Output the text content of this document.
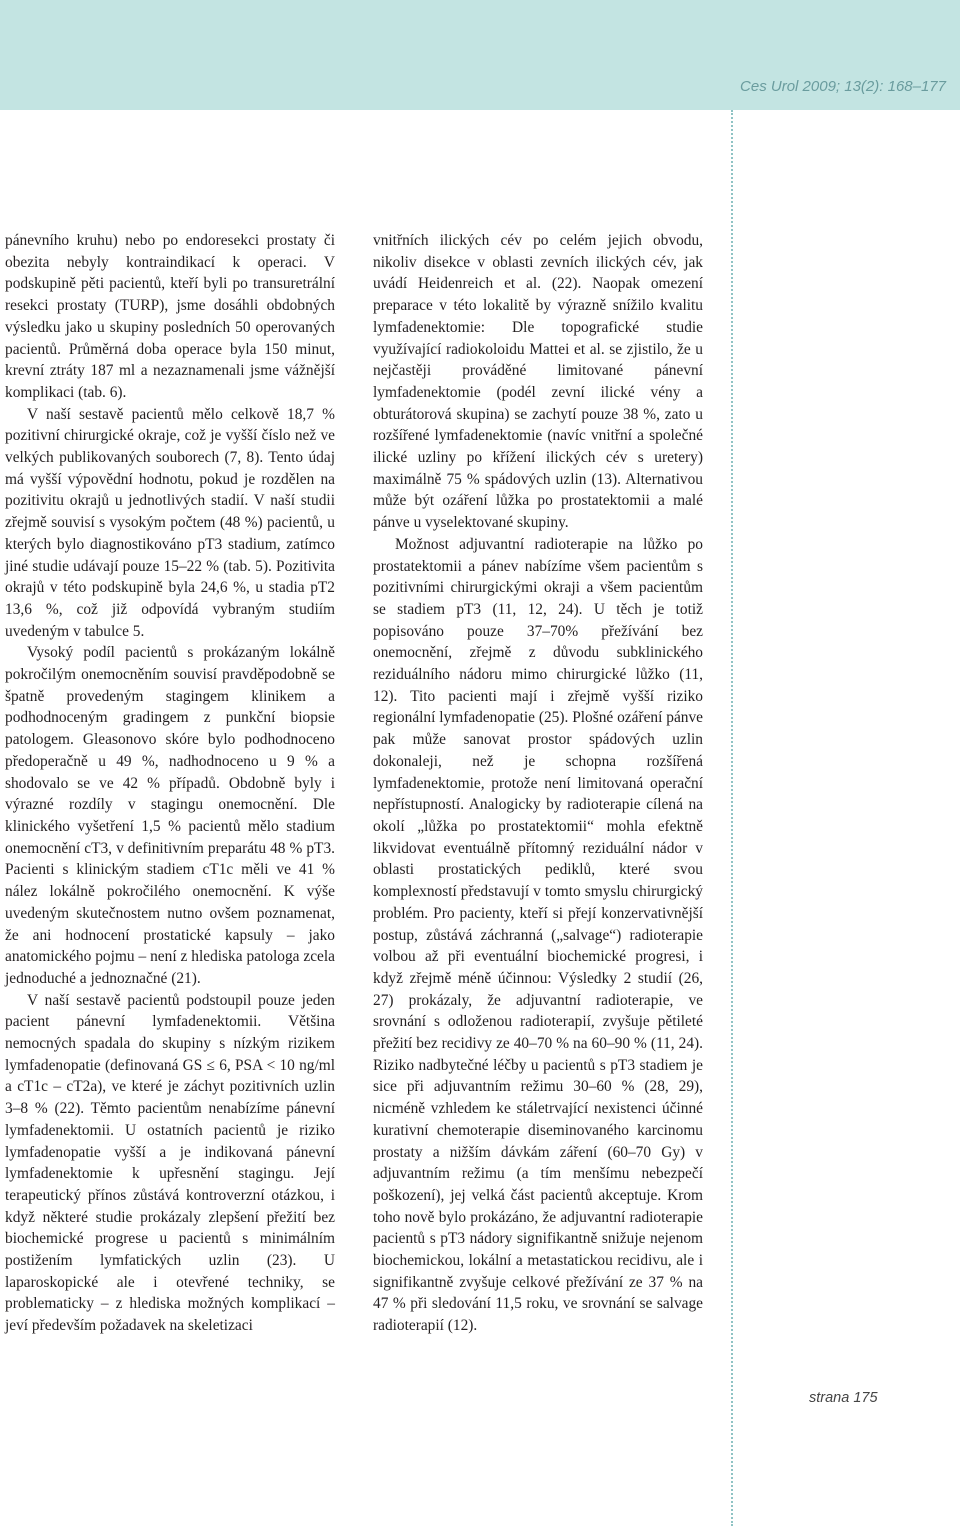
Ces Urol 2009; 13(2): 168–177

pánevního kruhu) nebo po endoresekci prostaty či obezita nebyly kontraindikací k operaci. V podskupině pěti pacientů, kteří byli po transuretrální resekci prostaty (TURP), jsme dosáhli obdobných výsledku jako u skupiny posledních 50 operovaných pacientů. Průměrná doba operace byla 150 minut, krevní ztráty 187 ml a nezaznamenali jsme vážnější komplikaci (tab. 6).

V naší sestavě pacientů mělo celkově 18,7 % pozitivní chirurgické okraje, což je vyšší číslo než ve velkých publikovaných souborech (7, 8). Tento údaj má vyšší výpovědní hodnotu, pokud je rozdělen na pozitivitu okrajů u jednotlivých stadií. V naší studii zřejmě souvisí s vysokým počtem (48 %) pacientů, u kterých bylo diagnostikováno pT3 stadium, zatímco jiné studie udávají pouze 15–22 % (tab. 5). Pozitivita okrajů v této podskupině byla 24,6 %, u stadia pT2 13,6 %, což již odpovídá vybraným studiím uvedeným v tabulce 5.

Vysoký podíl pacientů s prokázaným lokálně pokročilým onemocněním souvisí pravděpodobně se špatně provedeným stagingem klinikem a podhodnoceným gradingem z punkční biopsie patologem. Gleasonovo skóre bylo podhodnoceno předoperačně u 49 %, nadhodnoceno u 9 % a shodovalo se ve 42 % případů. Obdobně byly i výrazné rozdíly v stagingu onemocnění. Dle klinického vyšetření 1,5 % pacientů mělo stadium onemocnění cT3, v definitivním preparátu 48 % pT3. Pacienti s klinickým stadiem cT1c měli ve 41 % nález lokálně pokročilého onemocnění. K výše uvedeným skutečnostem nutno ovšem poznamenat, že ani hodnocení prostatické kapsuly – jako anatomického pojmu – není z hlediska patologa zcela jednoduché a jednoznačné (21).

V naší sestavě pacientů podstoupil pouze jeden pacient pánevní lymfadenektomii. Většina nemocných spadala do skupiny s nízkým rizikem lymfadenopatie (definovaná GS ≤ 6, PSA < 10 ng/ml a cT1c – cT2a), ve které je záchyt pozitivních uzlin 3–8 % (22). Těmto pacientům nenabízíme pánevní lymfadenektomii. U ostatních pacientů je riziko lymfadenopatie vyšší a je indikovaná pánevní lymfadenektomie k upřesnění stagingu. Její terapeutický přínos zůstává kontroverzní otázkou, i když některé studie prokázaly zlepšení přežití bez biochemické progrese u pacientů s minimálním postižením lymfatických uzlin (23). U laparoskopické ale i otevřené techniky, se problematicky – z hlediska možných komplikací – jeví především požadavek na skeletizaci

vnitřních ilických cév po celém jejich obvodu, nikoliv disekce v oblasti zevních ilických cév, jak uvádí Heidenreich et al. (22). Naopak omezení preparace v této lokalitě by výrazně snížilo kvalitu lymfadenektomie: Dle topografické studie využívající radiokoloidu Mattei et al. se zjistilo, že u nejčastěji prováděné limitované pánevní lymfadenektomie (podél zevní ilické vény a obturátorová skupina) se zachytí pouze 38 %, zato u rozšířené lymfadenektomie (navíc vnitřní a společné ilické uzliny po křížení ilických cév s uretery) maximálně 75 % spádových uzlin (13). Alternativou může být ozáření lůžka po prostatektomii a malé pánve u vyselektované skupiny.

Možnost adjuvantní radioterapie na lůžko po prostatektomii a pánev nabízíme všem pacientům s pozitivními chirurgickými okraji a všem pacientům se stadiem pT3 (11, 12, 24). U těch je totiž popisováno pouze 37–70% přežívání bez onemocnění, zřejmě z důvodu subklinického reziduálního nádoru mimo chirurgické lůžko (11, 12). Tito pacienti mají i zřejmě vyšší riziko regionální lymfadenopatie (25). Plošné ozáření pánve pak může sanovat prostor spádových uzlin dokonaleji, než je schopna rozšířená lymfadenektomie, protože není limitovaná operační nepřístupností. Analogicky by radioterapie cílená na okolí „lůžka po prostatektomii“ mohla efektně likvidovat eventuálně přítomný reziduální nádor v oblasti prostatických pediklů, které svou komplexností představují v tomto smyslu chirurgický problém. Pro pacienty, kteří si přejí konzervativnější postup, zůstává záchranná („salvage“) radioterapie volbou až při eventuální biochemické progresi, i když zřejmě méně účinnou: Výsledky 2 studií (26, 27) prokázaly, že adjuvantní radioterapie, ve srovnání s odloženou radioterapií, zvyšuje pětileté přežití bez recidivy ze 40–70 % na 60–90 % (11, 24). Riziko nadbytečné léčby u pacientů s pT3 stadiem je sice při adjuvantním režimu 30–60 % (28, 29), nicméně vzhledem ke stáletrvající nexistenci účinné kurativní chemoterapie diseminovaného karcinomu prostaty a nižším dávkám záření (60–70 Gy) v adjuvantním režimu (a tím menšímu nebezpečí poškození), jej velká část pacientů akceptuje. Krom toho nově bylo prokázáno, že adjuvantní radioterapie pacientů s pT3 nádory signifikantně snižuje nejenom biochemickou, lokální a metastatickou recidivu, ale i signifikantně zvyšuje celkové přežívání ze 37 % na 47 % při sledování 11,5 roku, ve srovnání se salvage radioterapií (12).

strana 175
